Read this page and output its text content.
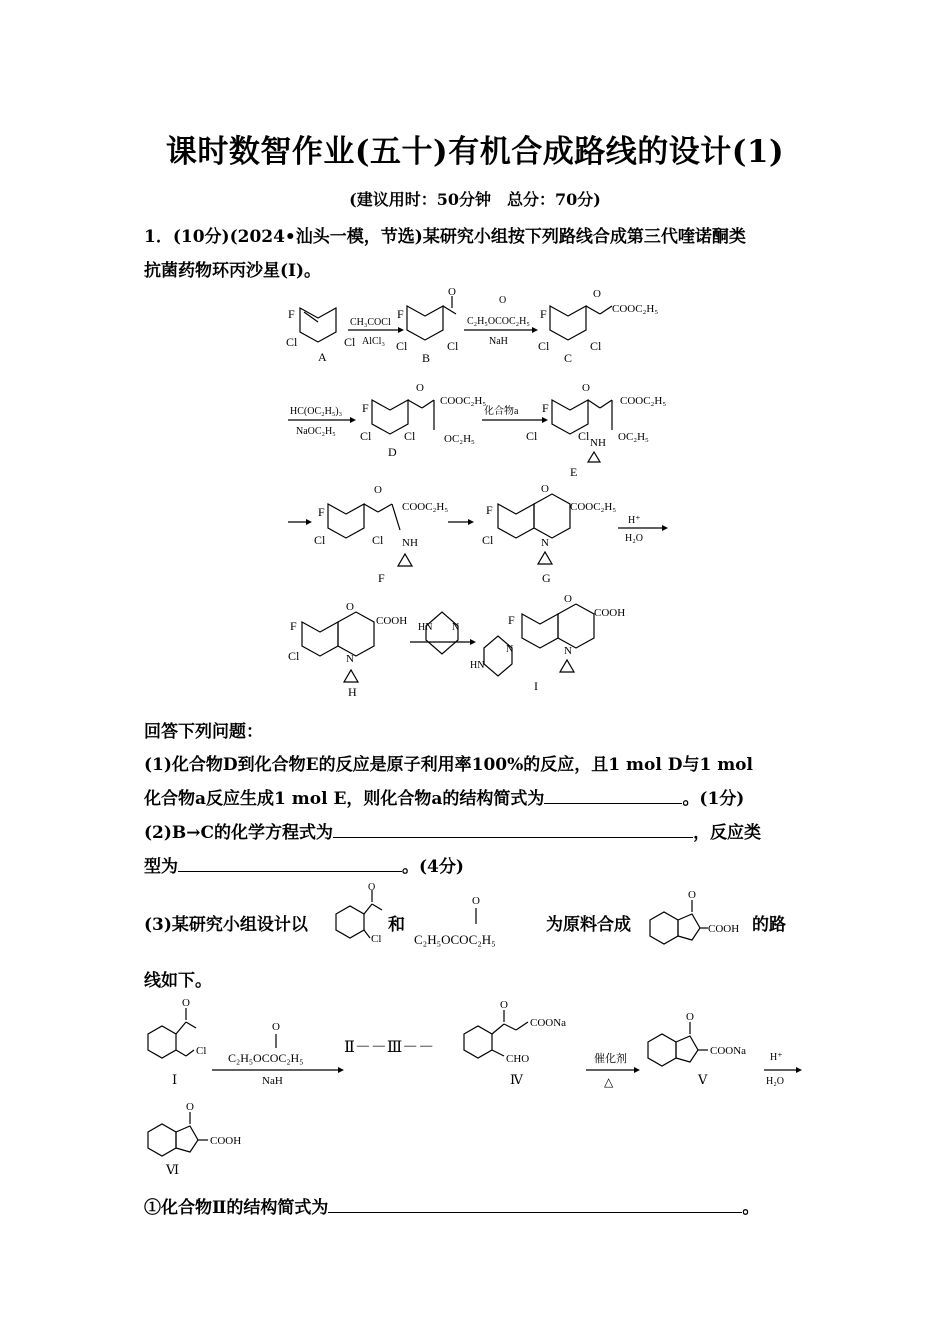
课时数智作业(五十)有机合成路线的设计(1)
(建议用时：50分钟　总分：70分)
1．(10分)(2024•汕头一模，节选)某研究小组按下列路线合成第三代喹诺酮类
抗菌药物环丙沙星(I)。
F
Cl	Cl
A
CH₃COCl
AlCl₃
O
F
Cl	Cl
B
C₂H₅OCOC₂H₅
NaH
O
O
COOC₂H₅
F
Cl	Cl
C
HC(OC₂H₅)₃
NaOC₂H₅
O
COOC₂H₅
OC₂H₅
F
Cl	Cl
D
化合物a
O
COOC₂H₅
OC₂H₅
NH
F
Cl	Cl
E
O
COOC₂H₅
NH
F
Cl	Cl
F
O
COOC₂H₅
N
F
Cl
G
H⁺
H₂O
O
COOH
N
F
Cl
H
HN N
HN
N
O
COOH
N
F
I
回答下列问题：
(1)化合物D到化合物E的反应是原子利用率100%的反应，且1 mol D与1 mol
化合物a反应生成1 mol E，则化合物a的结构简式为	。(1分)
(2)B→C的化学方程式为	，反应类
型为	。(4分)
(3)某研究小组设计以
O
Cl
和
O
C₂H₅OCOC₂H₅
为原料合成
O
COOH 的路
线如下。
O
Cl
Ⅰ
O
C₂H₅OCOC₂H₅
NaH
Ⅱ－－Ⅲ－－
O
COONa
CHO
Ⅳ
催化剂
△
O
COONa
Ⅴ
H⁺
H₂O
O
COOH
Ⅵ
①化合物Ⅱ的结构简式为	。
